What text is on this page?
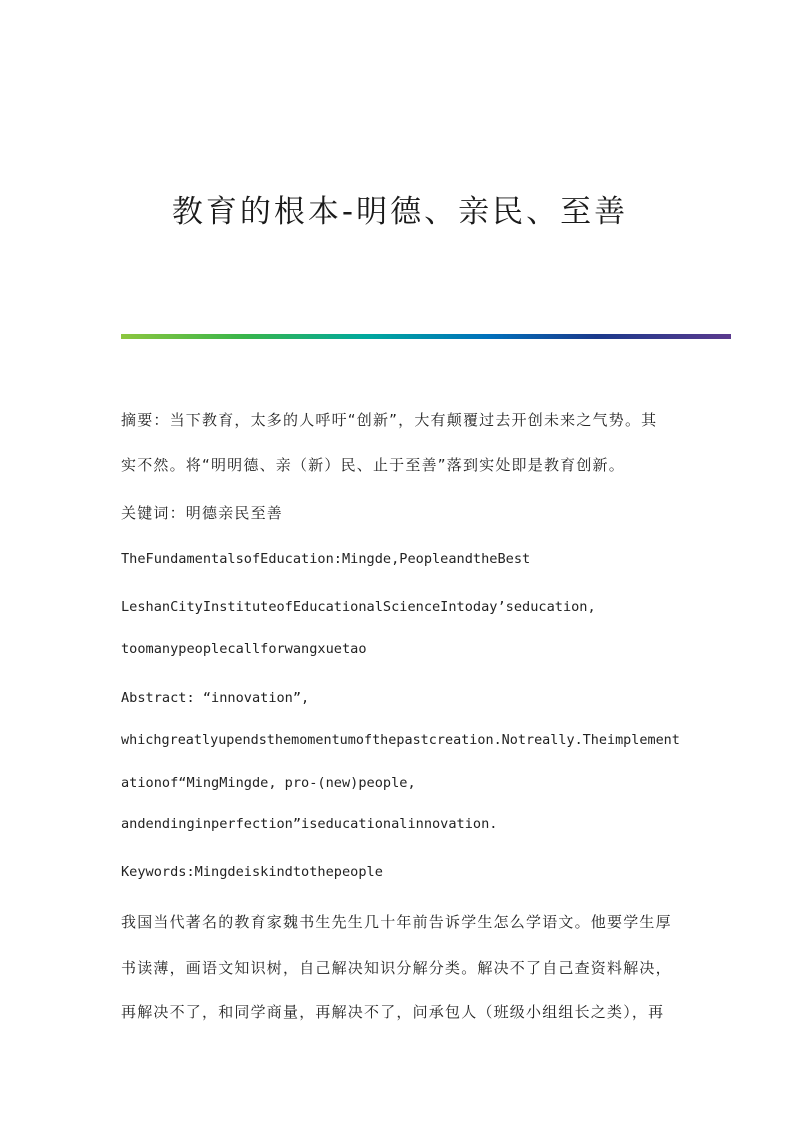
教育的根本-明德、亲民、至善
摘要：当下教育，太多的人呼吁“创新”，大有颠覆过去开创未来之气势。其
实不然。将“明明德、亲（新）民、止于至善”落到实处即是教育创新。
关键词：明德亲民至善
TheFundamentalsofEducation:Mingde,PeopleandtheBest
LeshanCityInstituteofEducationalScienceIntoday’seducation,
toomanypeoplecallforwangxuetao
Abstract: “innovation”,
whichgreatlyupendsthemomentumofthepastcreation.Notreally.Theimplement
ationof“MingMingde, pro-(new)people,
andendinginperfection”iseducationalinnovation.
Keywords:Mingdeiskindtothepeople
我国当代著名的教育家魏书生先生几十年前告诉学生怎么学语文。他要学生厚
书读薄，画语文知识树，自己解决知识分解分类。解决不了自己查资料解决，
再解决不了，和同学商量，再解决不了，问承包人（班级小组组长之类），再
